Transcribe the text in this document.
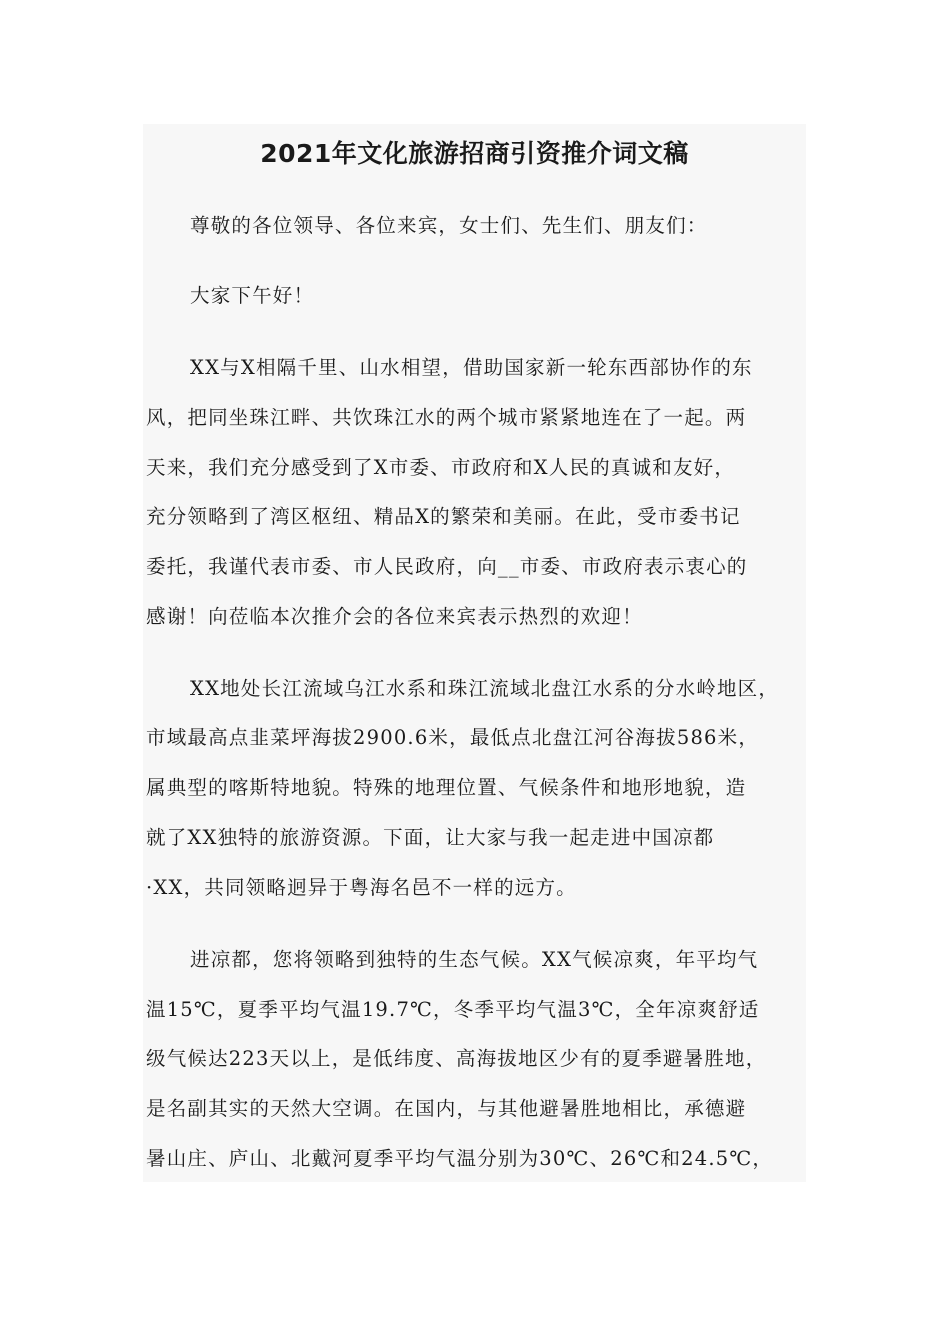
2021年文化旅游招商引资推介词文稿
尊敬的各位领导、各位来宾，女士们、先生们、朋友们：
大家下午好！
XX与X相隔千里、山水相望，借助国家新一轮东西部协作的东
风，把同坐珠江畔、共饮珠江水的两个城市紧紧地连在了一起。两
天来，我们充分感受到了X市委、市政府和X人民的真诚和友好，
充分领略到了湾区枢纽、精品X的繁荣和美丽。在此，受市委书记
委托，我谨代表市委、市人民政府，向__市委、市政府表示衷心的
感谢！向莅临本次推介会的各位来宾表示热烈的欢迎！
XX地处长江流域乌江水系和珠江流域北盘江水系的分水岭地区，
市域最高点韭菜坪海拔2900.6米，最低点北盘江河谷海拔586米，
属典型的喀斯特地貌。特殊的地理位置、气候条件和地形地貌，造
就了XX独特的旅游资源。下面，让大家与我一起走进中国凉都
·XX，共同领略迥异于粤海名邑不一样的远方。
进凉都，您将领略到独特的生态气候。XX气候凉爽，年平均气
温15℃，夏季平均气温19.7℃，冬季平均气温3℃，全年凉爽舒适
级气候达223天以上，是低纬度、高海拔地区少有的夏季避暑胜地，
是名副其实的天然大空调。在国内，与其他避暑胜地相比，承德避
暑山庄、庐山、北戴河夏季平均气温分别为30℃、26℃和24.5℃，
